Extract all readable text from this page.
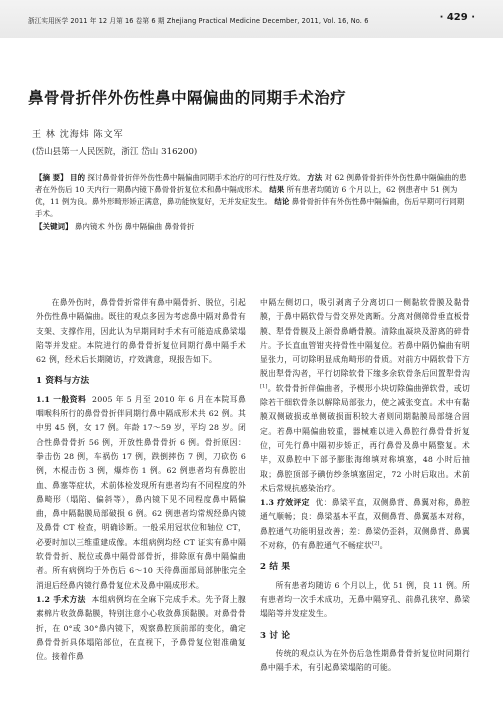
浙江实用医学 2011 年 12 月第 16 卷第 6 期 Zhejiang Practical Medicine December, 2011, Vol. 16, No. 6	· 429 ·
鼻骨骨折伴外伤性鼻中隔偏曲的同期手术治疗
王 林 沈海炜 陈文军
(岱山县第一人民医院，浙江 岱山 316200)

【摘 要】 目的 探讨鼻骨骨折伴外伤性鼻中隔偏曲同期手术治疗的可行性及疗效。 方法 对 62 例鼻骨骨折伴外伤性鼻中隔偏曲的患者在外伤后 10 天内行一期鼻内镜下鼻骨骨折复位术和鼻中隔成形术。 结果 所有患者均随访 6 个月以上，62 例患者中 51 例为优，11 例为良。鼻外形畸形矫正满意，鼻功能恢复好，无并发症发生。 结论 鼻骨骨折伴有外伤性鼻中隔偏曲，伤后早期可行同期手术。

【关键词】 鼻内镜术 外伤 鼻中隔偏曲 鼻骨骨折

在鼻外伤时，鼻骨骨折常伴有鼻中隔骨折、脱位，引起外伤性鼻中隔偏曲。既往的观点多因为考虑鼻中隔对鼻骨有支架、支撑作用，因此认为早期同时手术有可能造成鼻梁塌陷等并发症。本院进行的鼻骨骨折复位同期行鼻中隔手术 62 例，经术后长期随访，疗效满意，现报告如下。

1 资料与方法

1.1 一般资料 2005 年 5 月至 2010 年 6 月在本院耳鼻咽喉科所行的鼻骨骨折伴同期行鼻中隔成形术共 62 例。其中男 45 例，女 17 例。年龄 17～59 岁，平均 28 岁。闭合性鼻骨骨折 56 例，开放性鼻骨骨折 6 例。骨折原因：拳击伤 28 例，车祸伤 17 例，跌倒摔伤 7 例，刀砍伤 6 例，木棍击伤 3 例，爆炸伤 1 例。62 例患者均有鼻腔出血、鼻塞等症状，术前体检发现所有患者均有不同程度的外鼻畸形（塌陷、偏斜等），鼻内镜下见不同程度鼻中隔偏曲，鼻中隔黏膜局部破损 6 例。62 例患者均常规经鼻内镜及鼻骨 CT 检查，明确诊断。一般采用冠状位和轴位 CT，必要时加以三维重建成像。本组病例均经 CT 证实有鼻中隔软骨骨折、脱位或鼻中隔骨部骨折，排除原有鼻中隔偏曲者。所有病例均于外伤后 6～10 天待鼻面部局部肿胀完全消退后经鼻内镜行鼻骨复位术及鼻中隔成形术。

1.2 手术方法 本组病例均在全麻下完成手术。先予肾上腺素棉片收敛鼻黏膜，特别注意小心收敛鼻顶黏膜。对鼻骨骨折，在 0°或 30°鼻内镜下，观察鼻腔顶前部的变化，确定鼻骨骨折具体塌陷部位，在直视下，予鼻骨复位钳准确复位。接着作鼻

中隔左侧切口，吸引剥离子分离切口一侧黏软骨膜及黏骨膜，于鼻中隔软骨与骨交界处离断。分离对侧筛骨垂直板骨膜、犁骨骨膜及上颌骨鼻嵴骨膜。清除血凝块及游离的碎骨片。予长直血管钳夹持骨性中隔复位。若鼻中隔仍偏曲有明显张力，可切除明显成角畸形的骨质。对前方中隔软骨下方脱出犁骨沟者，平行切除软骨下缘多余软骨条后回置犁骨沟[1]。软骨骨折伴偏曲者，予楔形小块切除偏曲弹软骨，或切除若干细软骨条以解除局部张力，使之减张变直。术中有黏膜双侧破损或单侧破损面积较大者则同期黏膜局部缝合固定。若鼻中隔偏曲较重，器械难以进入鼻腔行鼻骨骨折复位，可先行鼻中隔初步矫正，再行鼻骨及鼻中隔整复。术毕，双鼻腔中下部予膨胀海绵填对称填塞，48 小时后抽取；鼻腔顶部予碘仿纱条填塞固定，72 小时后取出。术前术后常规抗感染治疗。

1.3 疗效评定 优：鼻梁平直，双侧鼻背、鼻翼对称，鼻腔通气顺畅；良：鼻梁基本平直，双侧鼻背、鼻翼基本对称，鼻腔通气功能明显改善；差：鼻梁仍歪斜，双侧鼻背、鼻翼不对称，仍有鼻腔通气不畅症状[2]。

2 结 果

所有患者均随访 6 个月以上，优 51 例，良 11 例。所有患者均一次手术成功，无鼻中隔穿孔、前鼻孔狭窄、鼻梁塌陷等并发症发生。

3 讨 论

传统的观点认为在外伤后急性期鼻骨骨折复位时同期行鼻中隔手术，有引起鼻梁塌陷的可能。
